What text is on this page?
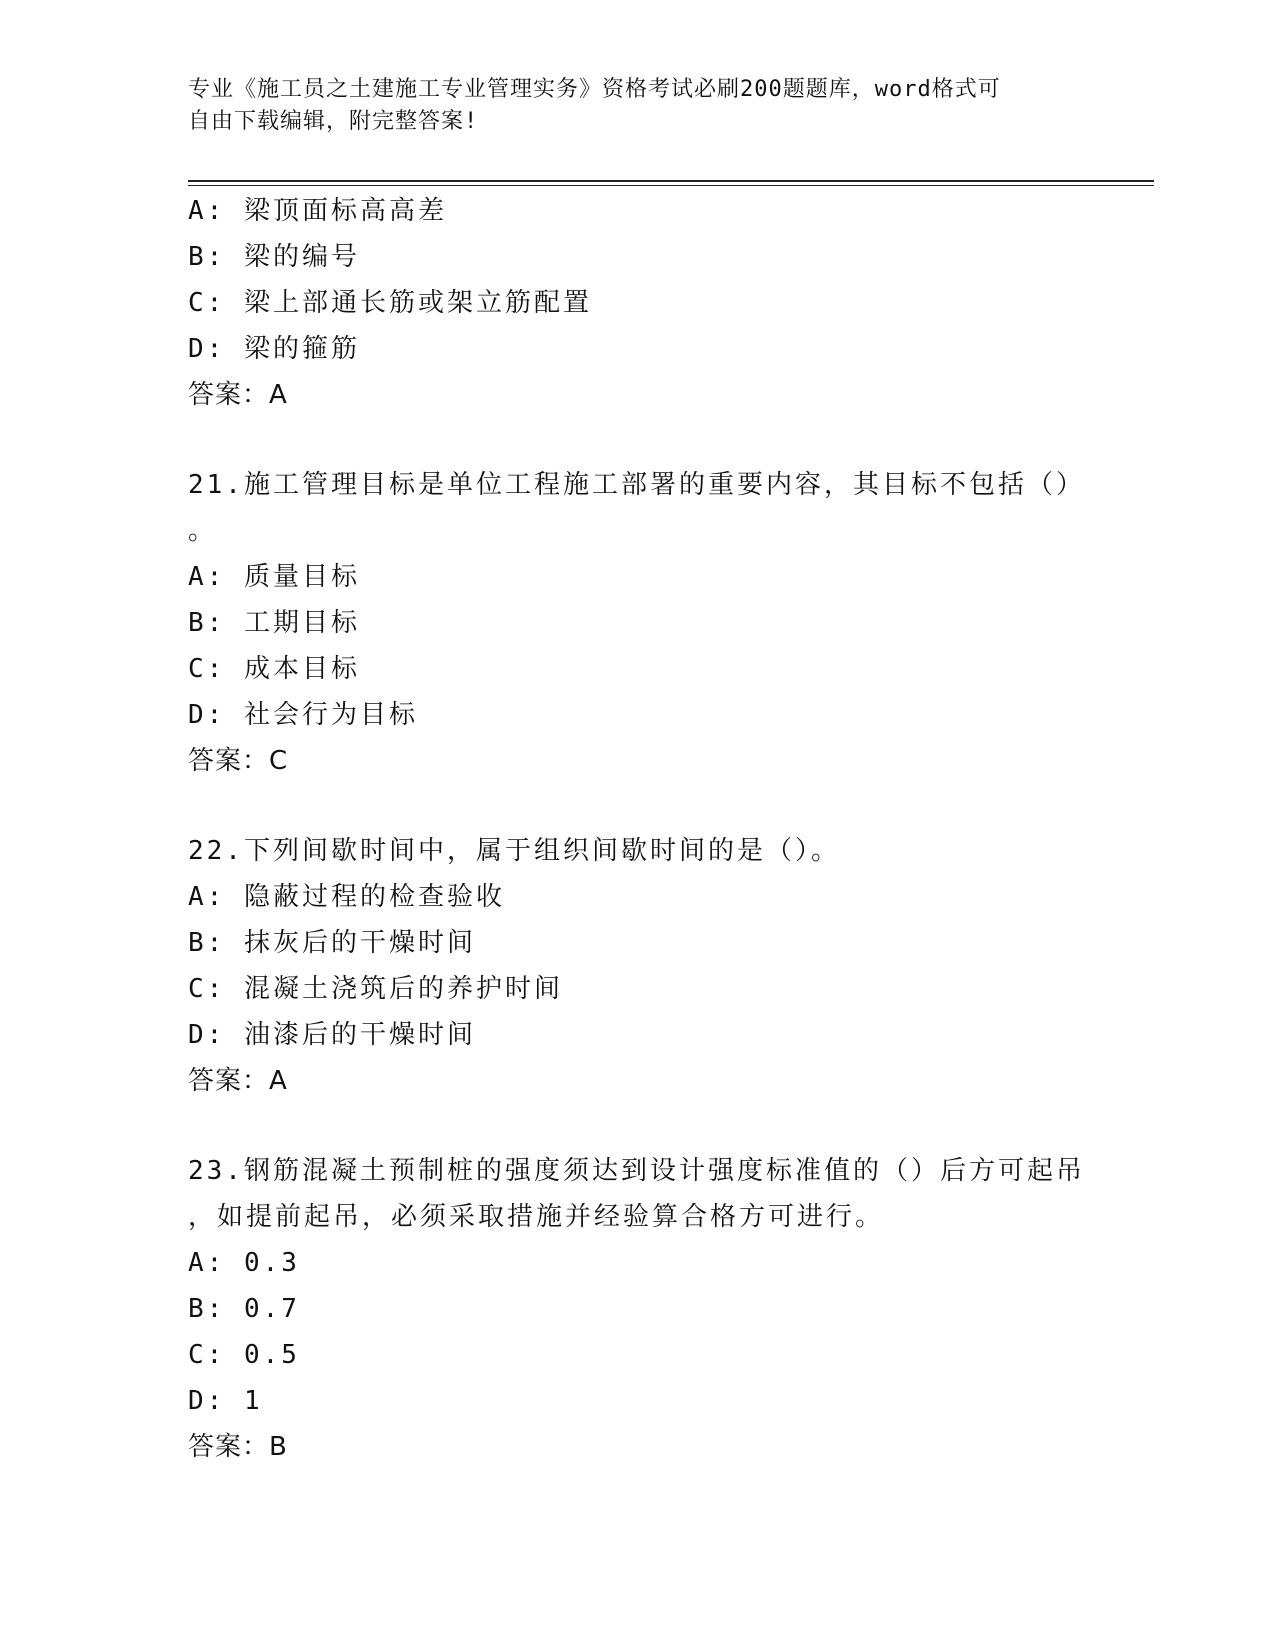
专业《施工员之土建施工专业管理实务》资格考试必刷200题题库，word格式可
自由下载编辑，附完整答案!
A: 梁顶面标高高差
B: 梁的编号
C: 梁上部通长筋或架立筋配置
D: 梁的箍筋
答案：A
21.施工管理目标是单位工程施工部署的重要内容，其目标不包括（）
。
A: 质量目标
B: 工期目标
C: 成本目标
D: 社会行为目标
答案：C
22.下列间歇时间中，属于组织间歇时间的是（）。
A: 隐蔽过程的检查验收
B: 抹灰后的干燥时间
C: 混凝土浇筑后的养护时间
D: 油漆后的干燥时间
答案：A
23.钢筋混凝土预制桩的强度须达到设计强度标准值的（）后方可起吊
，如提前起吊，必须采取措施并经验算合格方可进行。
A: 0.3
B: 0.7
C: 0.5
D: 1
答案：B
